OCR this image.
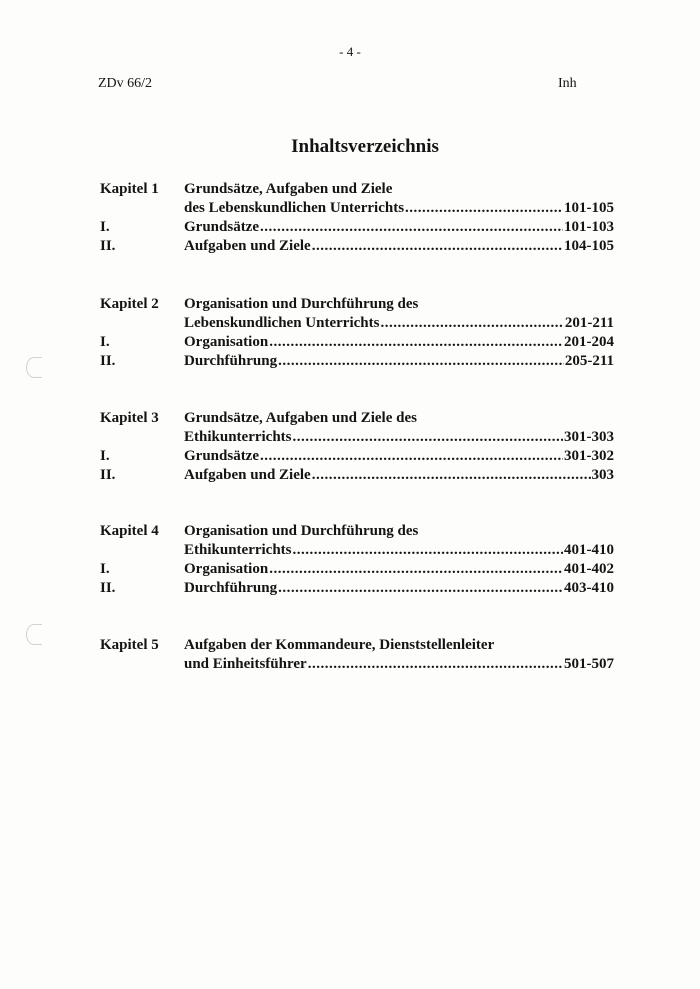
- 4 -
ZDv 66/2	Inh
Inhaltsverzeichnis
Kapitel 1 Grundsätze, Aufgaben und Ziele
des Lebenskundlichen Unterrichts .....	101-105
I.	Grundsätze .....	101-103
II.	Aufgaben und Ziele .....	104-105
Kapitel 2 Organisation und Durchführung des
Lebenskundlichen Unterrichts .....	201-211
I.	Organisation .....	201-204
II.	Durchführung .....	205-211
Kapitel 3 Grundsätze, Aufgaben und Ziele des
Ethikunterrichts .....	301-303
I.	Grundsätze .....	301-302
II.	Aufgaben und Ziele .....	303
Kapitel 4 Organisation und Durchführung des
Ethikunterrichts .....	401-410
I.	Organisation .....	401-402
II.	Durchführung .....	403-410
Kapitel 5 Aufgaben der Kommandeure, Dienststellenleiter
und Einheitsführer .....	501-507
